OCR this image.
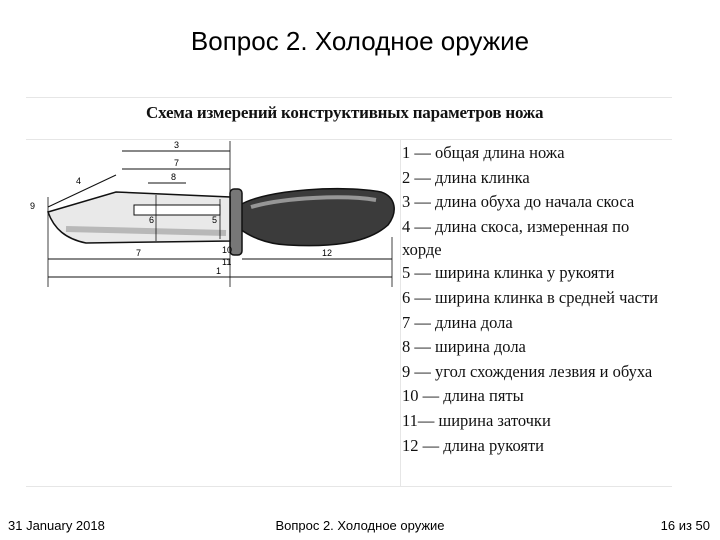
Вопрос 2. Холодное оружие
Схема измерений конструктивных параметров ножа
3
7
8
4
9
5
6
10
11
7	12
1
1 — общая длина ножа
2 — длина клинка
3 — длина обуха до начала скоса
4 — длина скоса, измеренная по
хорде
5 — ширина клинка у рукояти
6 — ширина клинка в средней части
7 — длина дола
8 — ширина дола
9 — угол схождения лезвия и обуха
10 — длина пяты
11— ширина заточки
12 — длина рукояти
31 January 2018	Вопрос 2. Холодное оружие	16 из 50
